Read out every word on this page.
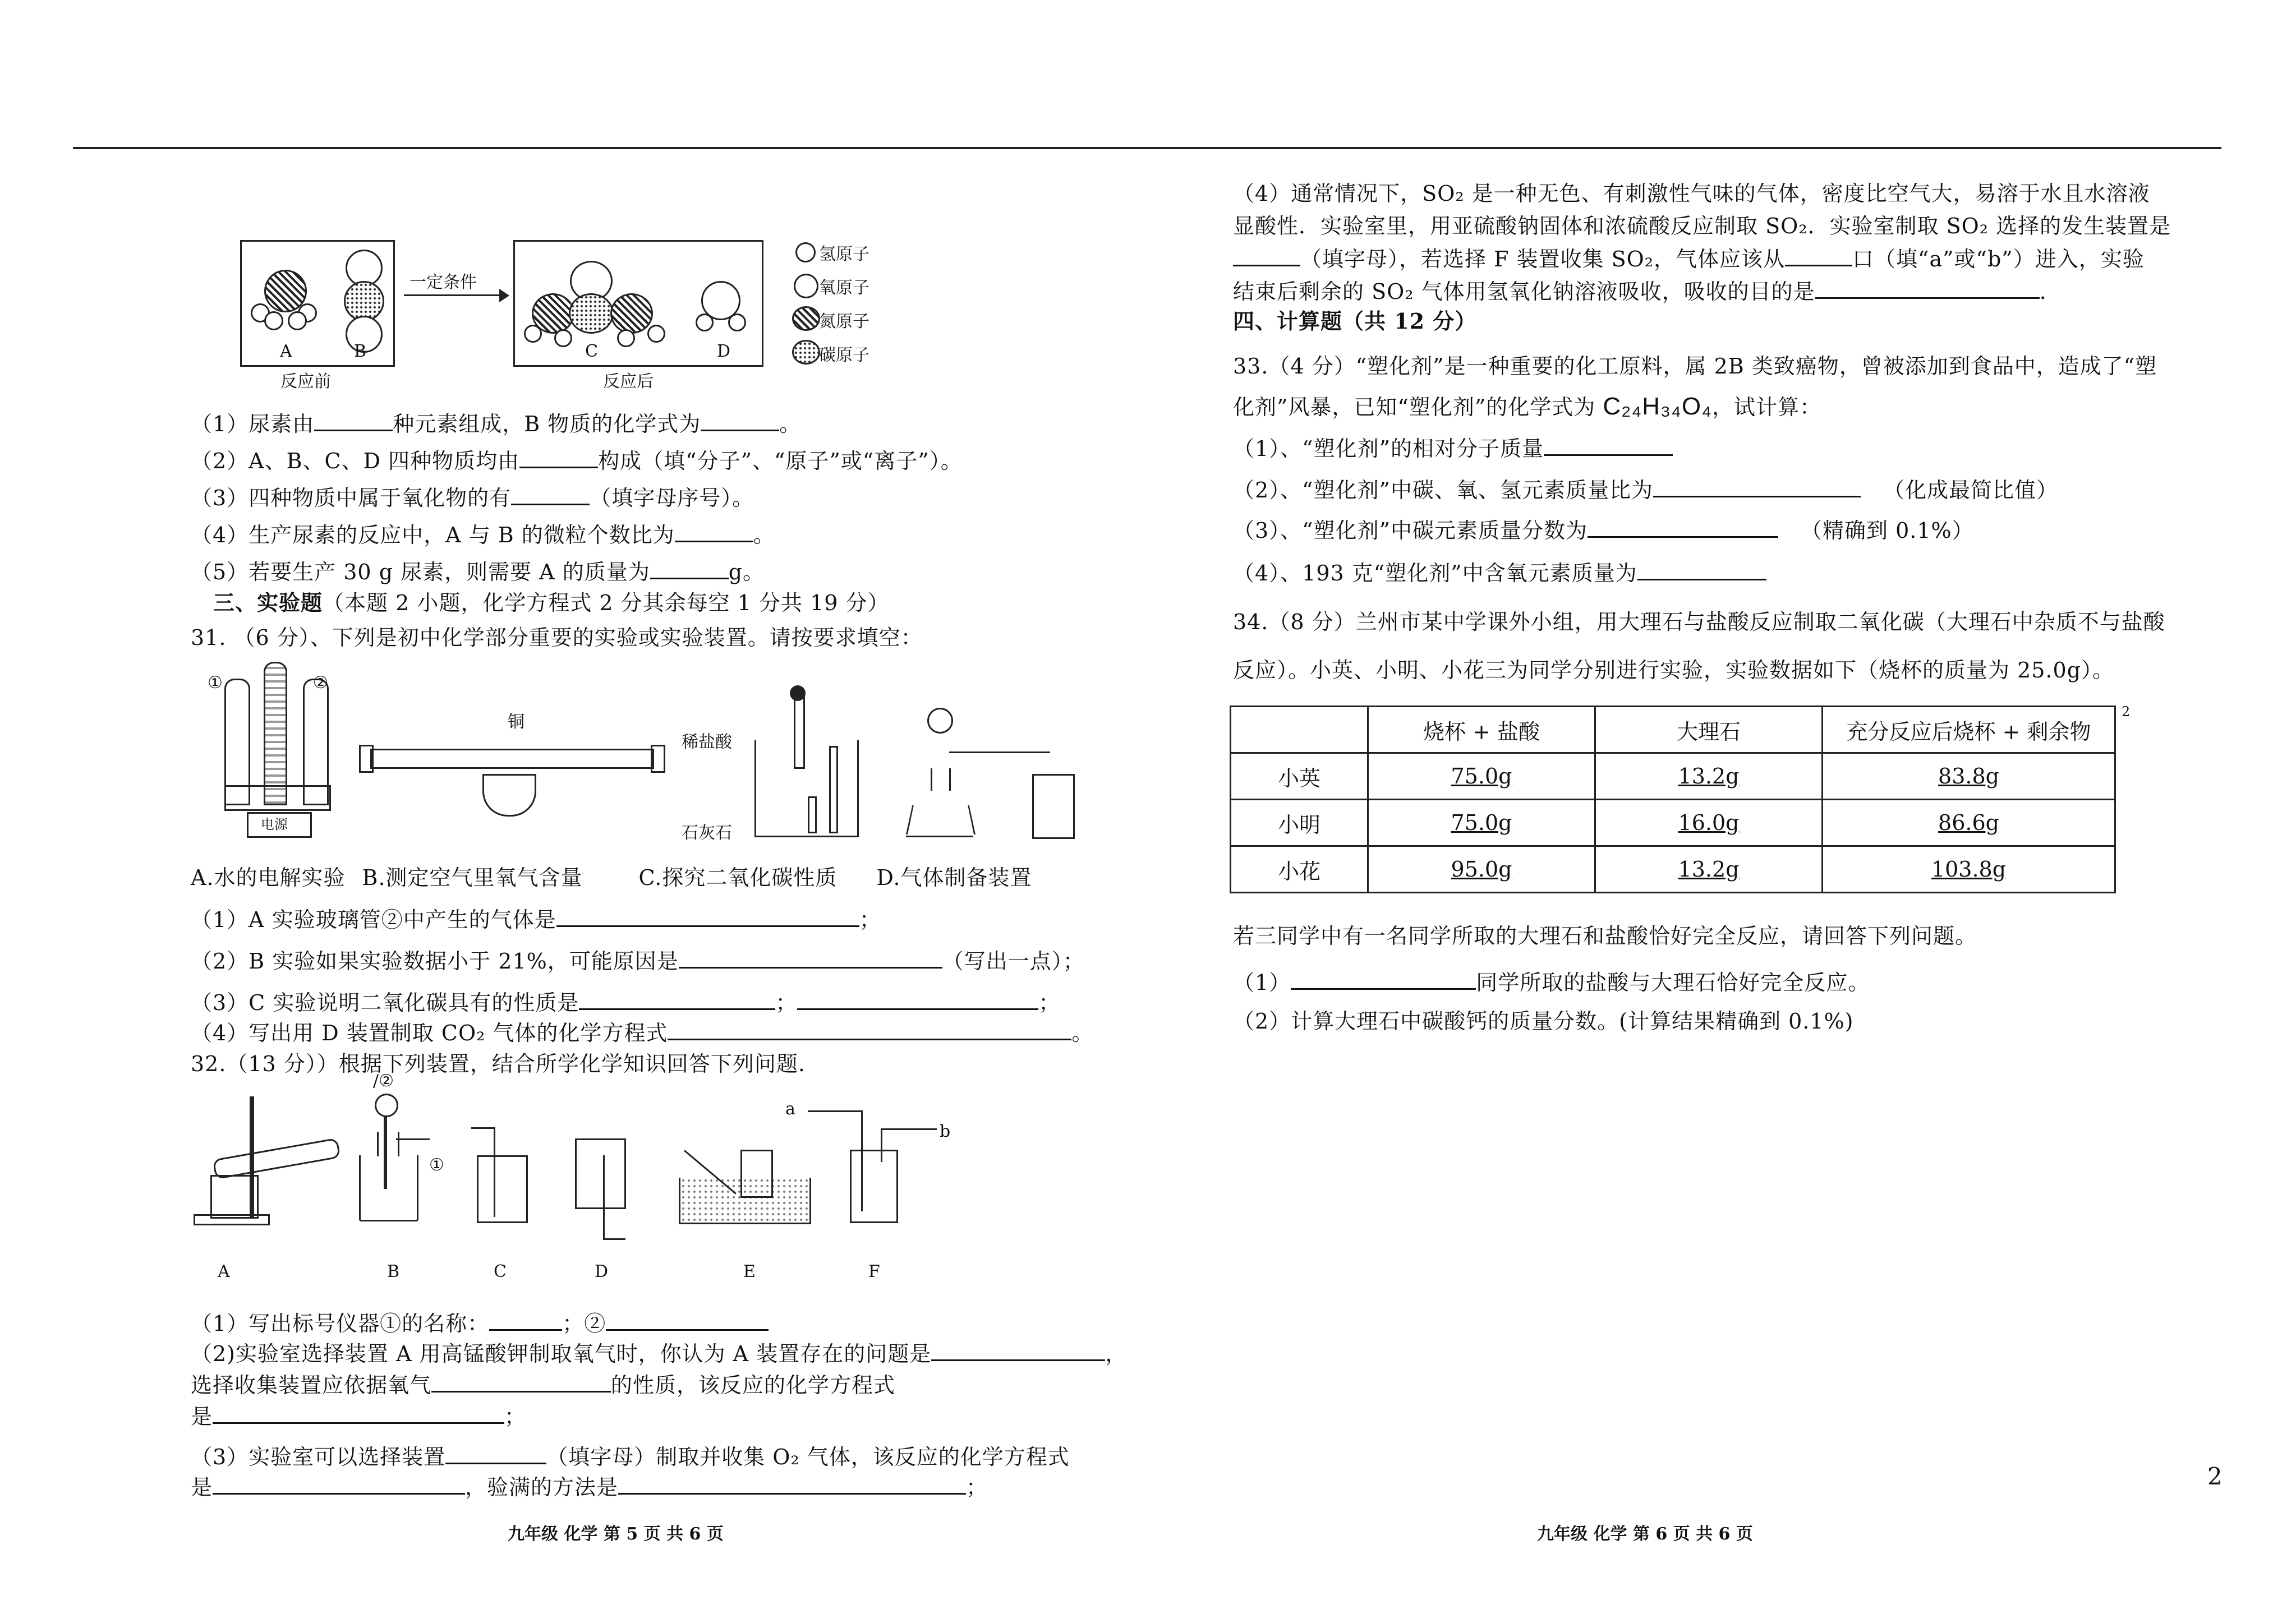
A	B
反应前
一定条件
C	D
反应后
氢原子
氧原子
氮原子
碳原子
（1）尿素由	种元素组成，B 物质的化学式为	。
（2）A、B、C、D 四种物质均由	构成（填“分子”、“原子”或“离子”）。
（3）四种物质中属于氧化物的有	（填字母序号）。
（4）生产尿素的反应中，A 与 B 的微粒个数比为	。
（5）若要生产 30 g 尿素，则需要 A 的质量为	g。
三、实验题（本题 2 小题，化学方程式 2 分其余每空 1 分共 19 分）
31. （6 分）、下列是初中化学部分重要的实验或实验装置。请按要求填空：
电源
①	②
铜
稀盐酸
石灰石
A.水的电解实验 B.测定空气里氧气含量	C.探究二氧化碳性质 D.气体制备装置
（1）A 实验玻璃管②中产生的气体是	；
（2）B 实验如果实验数据小于 21%，可能原因是	（写出一点）；
（3）C 实验说明二氧化碳具有的性质是	；	；
（4）写出用 D 装置制取 CO₂ 气体的化学方程式	。
32.（13 分））根据下列装置，结合所学化学知识回答下列问题.
A
/②
①
B	C	D	E
a
b
F
（1）写出标号仪器①的名称：	；②
（2)实验室选择装置 A 用高锰酸钾制取氧气时，你认为 A 装置存在的问题是	，
选择收集装置应依据氧气	的性质，该反应的化学方程式
是	；
（3）实验室可以选择装置	（填字母）制取并收集 O₂ 气体，该反应的化学方程式
是	，验满的方法是	；
九年级 化学 第 5 页 共 6 页
（4）通常情况下，SO₂ 是一种无色、有刺激性气味的气体，密度比空气大，易溶于水且水溶液
显酸性．实验室里，用亚硫酸钠固体和浓硫酸反应制取 SO₂．实验室制取 SO₂ 选择的发生装置是
（填字母），若选择 F 装置收集 SO₂，气体应该从	口（填“a”或“b”）进入，实验
结束后剩余的 SO₂ 气体用氢氧化钠溶液吸收，吸收的目的是	.
四、计算题（共 12 分）
33.（4 分）“塑化剂”是一种重要的化工原料，属 2B 类致癌物，曾被添加到食品中，造成了“塑
化剂”风暴，已知“塑化剂”的化学式为 C₂₄H₃₄O₄，试计算：
（1）、“塑化剂”的相对分子质量
（2）、“塑化剂”中碳、氧、氢元素质量比为	（化成最简比值）
（3）、“塑化剂”中碳元素质量分数为	（精确到 0.1%）
（4）、193 克“塑化剂”中含氧元素质量为
34.（8 分）兰州市某中学课外小组，用大理石与盐酸反应制取二氧化碳（大理石中杂质不与盐酸
反应）。小英、小明、小花三为同学分别进行实验，实验数据如下（烧杯的质量为 25.0g）。
	烧杯 + 盐酸	大理石	充分反应后烧杯 + 剩余物
小英	75.0g	13.2g	83.8g
小明	75.0g	16.0g	86.6g
小花	95.0g	13.2g	103.8g
2
若三同学中有一名同学所取的大理石和盐酸恰好完全反应，请回答下列问题。
（1）	同学所取的盐酸与大理石恰好完全反应。
（2）计算大理石中碳酸钙的质量分数。(计算结果精确到 0.1%)
2
九年级 化学 第 6 页 共 6 页
